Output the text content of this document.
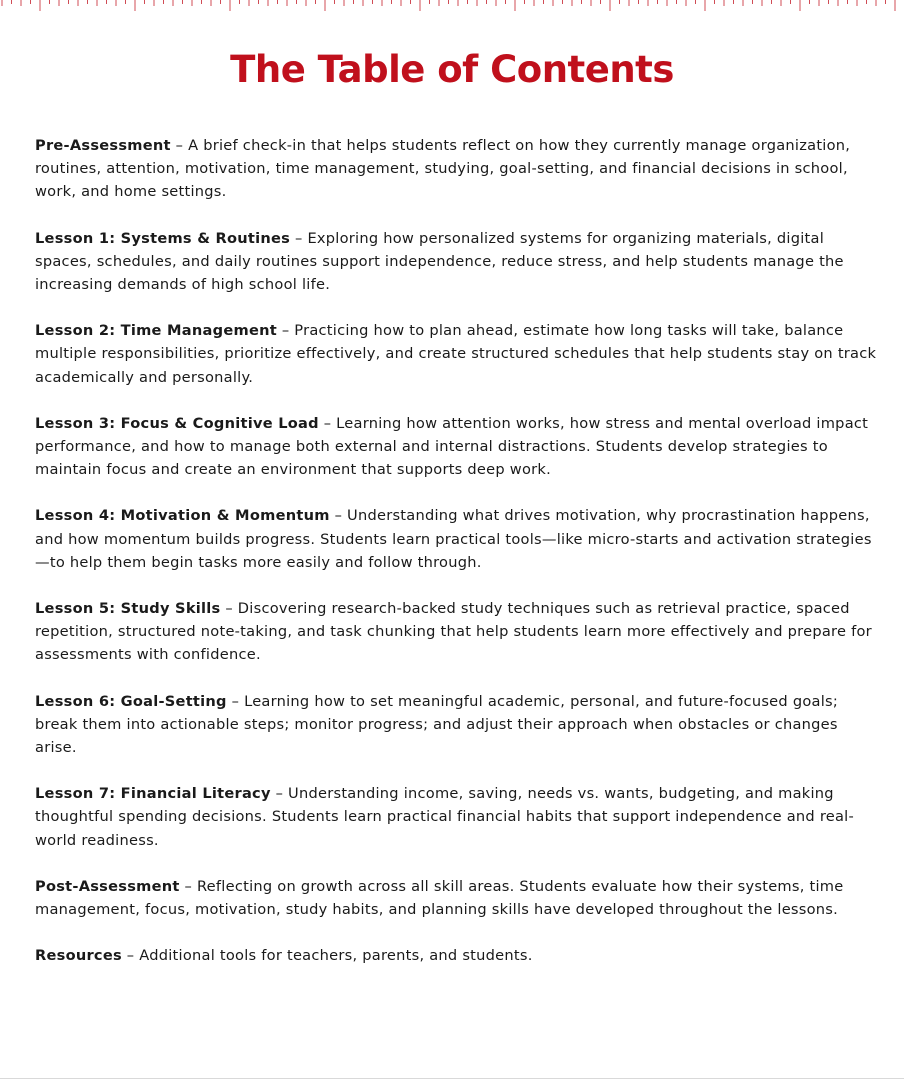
The Table of Contents

Pre-Assessment – A brief check-in that helps students reflect on how they currently manage organization, routines, attention, motivation, time management, studying, goal-setting, and financial decisions in school, work, and home settings.

Lesson 1: Systems & Routines – Exploring how personalized systems for organizing materials, digital spaces, schedules, and daily routines support independence, reduce stress, and help students manage the increasing demands of high school life.

Lesson 2: Time Management – Practicing how to plan ahead, estimate how long tasks will take, balance multiple responsibilities, prioritize effectively, and create structured schedules that help students stay on track academically and personally.

Lesson 3: Focus & Cognitive Load – Learning how attention works, how stress and mental overload impact performance, and how to manage both external and internal distractions. Students develop strategies to maintain focus and create an environment that supports deep work.

Lesson 4: Motivation & Momentum – Understanding what drives motivation, why procrastination happens, and how momentum builds progress. Students learn practical tools—like micro-starts and activation strategies—to help them begin tasks more easily and follow through.

Lesson 5: Study Skills – Discovering research-backed study techniques such as retrieval practice, spaced repetition, structured note-taking, and task chunking that help students learn more effectively and prepare for assessments with confidence.

Lesson 6: Goal-Setting – Learning how to set meaningful academic, personal, and future-focused goals; break them into actionable steps; monitor progress; and adjust their approach when obstacles or changes arise.

Lesson 7: Financial Literacy – Understanding income, saving, needs vs. wants, budgeting, and making thoughtful spending decisions. Students learn practical financial habits that support independence and real-world readiness.

Post-Assessment – Reflecting on growth across all skill areas. Students evaluate how their systems, time management, focus, motivation, study habits, and planning skills have developed throughout the lessons.

Resources – Additional tools for teachers, parents, and students.
